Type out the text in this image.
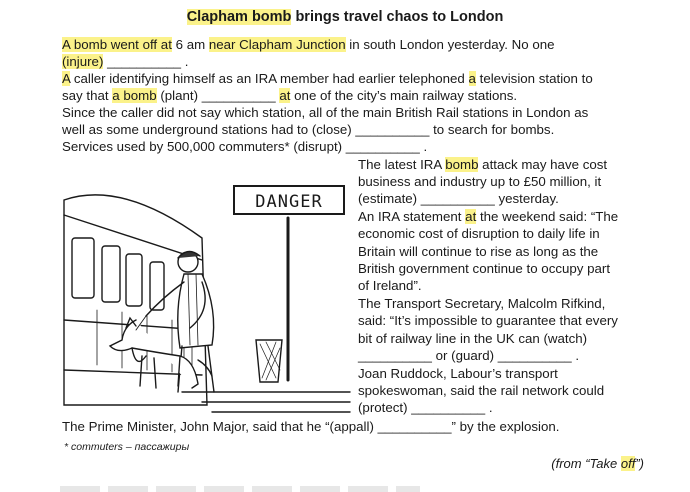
Clapham bomb brings travel chaos to London
A bomb went off at 6 am near Clapham Junction in south London yesterday. No one
(injure) __________ .
A caller identifying himself as an IRA member had earlier telephoned a television station to
say that a bomb (plant) __________ at one of the city’s main railway stations.
Since the caller did not say which station, all of the main British Rail stations in London as
well as some underground stations had to (close) __________ to search for bombs.
Services used by 500,000 commuters* (disrupt) __________ .
The latest IRA bomb attack may have cost
business and industry up to £50 million, it
(estimate) __________ yesterday.
An IRA statement at the weekend said: “The
economic cost of disruption to daily life in
Britain will continue to rise as long as the
British government continue to occupy part
of Ireland”.
The Transport Secretary, Malcolm Rifkind,
said: “It’s impossible to guarantee that every
bit of railway line in the UK can (watch)
__________ or (guard) __________ .
Joan Ruddock, Labour’s transport
spokeswoman, said the rail network could
(protect) __________ .
The Prime Minister, John Major, said that he “(appall) __________” by the explosion.
* commuters – пассажиры
(from “Take off”)
DANGER
